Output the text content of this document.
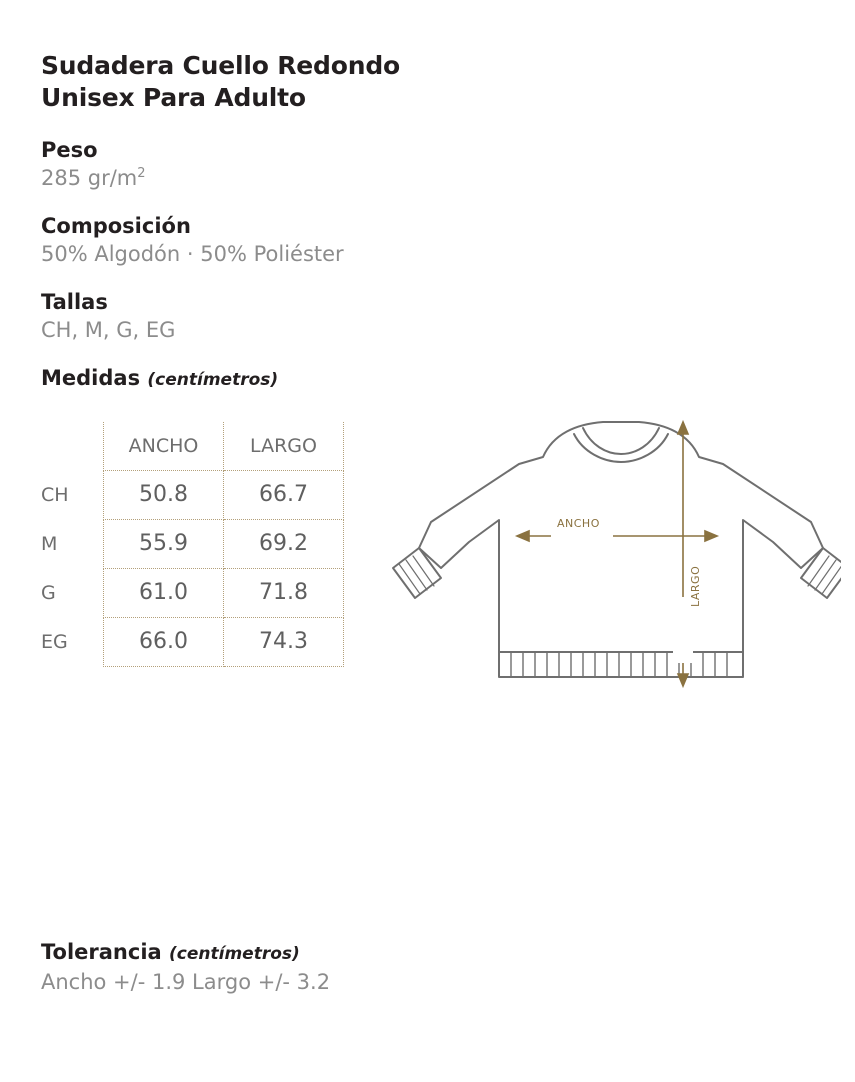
Sudadera Cuello Redondo
Unisex Para Adulto
Peso
285 $gr/m^2$
Composición
50% Algodón · 50% Poliéster
Tallas
CH, M, G, EG
Medidas (centímetros)
	ANCHO	LARGO
CH	50.8	66.7
M	55.9	69.2
G	61.0	71.8
EG	66.0	74.3
ANCHO
LARGO
Tolerancia (centímetros)
Ancho +/- 1.9 Largo +/- 3.2
